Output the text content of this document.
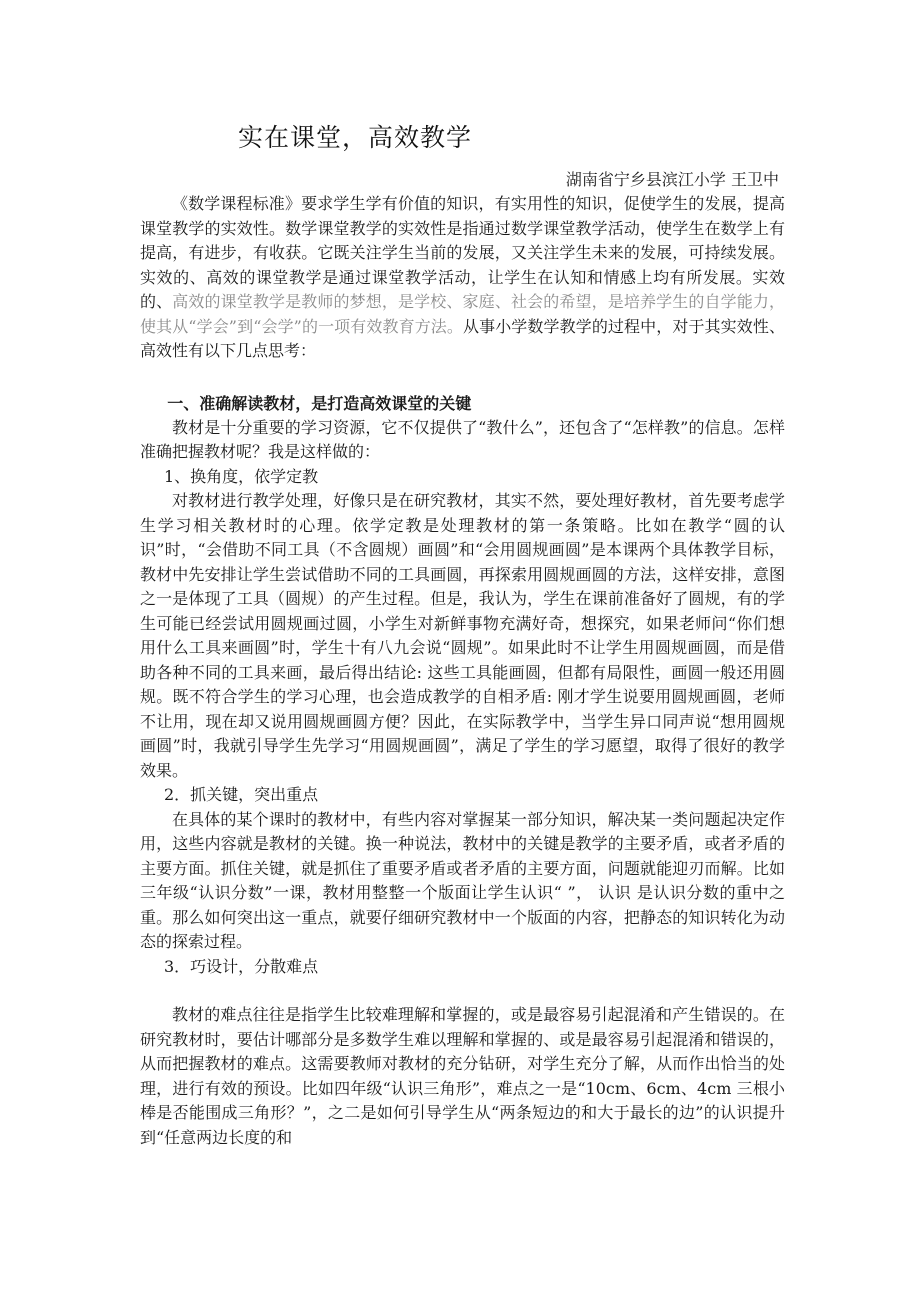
实在课堂，高效教学
湖南省宁乡县滨江小学 王卫中

《数学课程标准》要求学生学有价值的知识，有实用性的知识，促使学生的发展，提高课堂教学的实效性。数学课堂教学的实效性是指通过数学课堂教学活动，使学生在数学上有提高，有进步，有收获。它既关注学生当前的发展，又关注学生未来的发展，可持续发展。实效的、高效的课堂教学是通过课堂教学活动，让学生在认知和情感上均有所发展。实效的、高效的课堂教学是教师的梦想，是学校、家庭、社会的希望，是培养学生的自学能力，使其从“学会”到“会学”的一项有效教育方法。从事小学数学教学的过程中，对于其实效性、高效性有以下几点思考：

一、准确解读教材，是打造高效课堂的关键

教材是十分重要的学习资源，它不仅提供了“教什么”，还包含了“怎样教”的信息。怎样准确把握教材呢？我是这样做的：

1、换角度，依学定教

对教材进行教学处理，好像只是在研究教材，其实不然，要处理好教材，首先要考虑学生学习相关教材时的心理。依学定教是处理教材的第一条策略。比如在教学“圆的认识”时，“会借助不同工具（不含圆规）画圆”和“会用圆规画圆”是本课两个具体教学目标，教材中先安排让学生尝试借助不同的工具画圆，再探索用圆规画圆的方法，这样安排，意图之一是体现了工具（圆规）的产生过程。但是，我认为，学生在课前准备好了圆规，有的学生可能已经尝试用圆规画过圆，小学生对新鲜事物充满好奇，想探究，如果老师问“你们想用什么工具来画圆”时，学生十有八九会说“圆规”。如果此时不让学生用圆规画圆，而是借助各种不同的工具来画，最后得出结论: 这些工具能画圆，但都有局限性，画圆一般还用圆规。既不符合学生的学习心理，也会造成教学的自相矛盾: 刚才学生说要用圆规画圆，老师不让用，现在却又说用圆规画圆方便？因此，在实际教学中，当学生异口同声说“想用圆规画圆”时，我就引导学生先学习“用圆规画圆”，满足了学生的学习愿望，取得了很好的教学效果。

2．抓关键，突出重点

在具体的某个课时的教材中，有些内容对掌握某一部分知识，解决某一类问题起决定作用，这些内容就是教材的关键。换一种说法，教材中的关键是教学的主要矛盾，或者矛盾的主要方面。抓住关键，就是抓住了重要矛盾或者矛盾的主要方面，问题就能迎刃而解。比如三年级“认识分数”一课，教材用整整一个版面让学生认识“ ”， 认识 是认识分数的重中之重。那么如何突出这一重点，就要仔细研究教材中一个版面的内容，把静态的知识转化为动态的探索过程。

3．巧设计，分散难点

教材的难点往往是指学生比较难理解和掌握的，或是最容易引起混淆和产生错误的。在研究教材时，要估计哪部分是多数学生难以理解和掌握的、或是最容易引起混淆和错误的，从而把握教材的难点。这需要教师对教材的充分钻研，对学生充分了解，从而作出恰当的处理，进行有效的预设。比如四年级“认识三角形”，难点之一是“10cm、6cm、4cm 三根小棒是否能围成三角形？”，之二是如何引导学生从“两条短边的和大于最长的边”的认识提升到“任意两边长度的和
